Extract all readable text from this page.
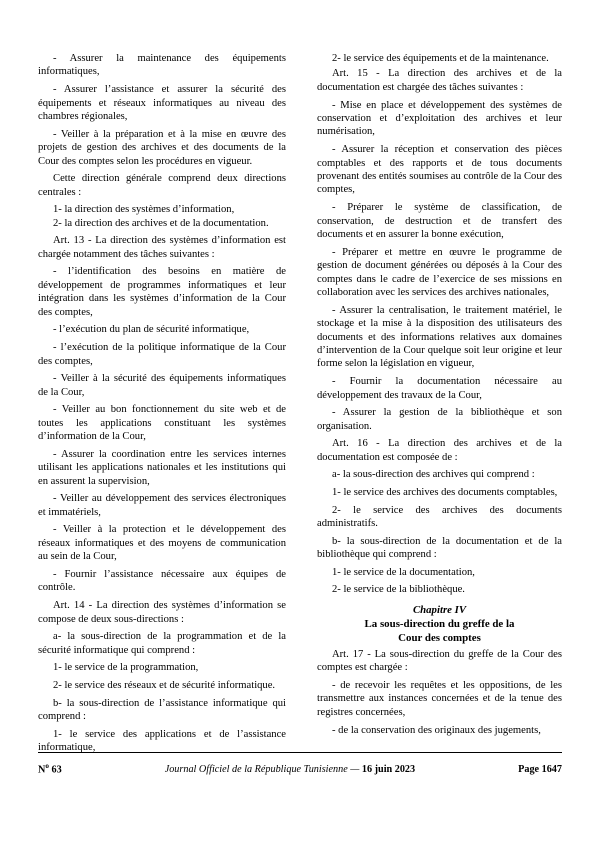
- Assurer la maintenance des équipements informatiques,

- Assurer l’assistance et assurer la sécurité des équipements et réseaux informatiques au niveau des chambres régionales,

- Veiller à la préparation et à la mise en œuvre des projets de gestion des archives et des documents de la Cour des comptes selon les procédures en vigueur.

Cette direction générale comprend deux directions centrales :

1- la direction des systèmes d’information,

2- la direction des archives et de la documentation.

Art. 13 - La direction des systèmes d’information est chargée notamment des tâches suivantes :

- l’identification des besoins en matière de développement de programmes informatiques et leur intégration dans les systèmes d’information de la Cour des comptes,

- l’exécution du plan de sécurité informatique,

- l’exécution de la politique informatique de la Cour des comptes,

- Veiller à la sécurité des équipements informatiques de la Cour,

- Veiller au bon fonctionnement du site web et de toutes les applications constituant les systèmes d’information de la Cour,

- Assurer la coordination entre les services internes utilisant les applications nationales et les institutions qui en assurent la supervision,

- Veiller au développement des services électroniques et immatériels,

- Veiller à la protection et le développement des réseaux informatiques et des moyens de communication au sein de la Cour,

- Fournir l’assistance nécessaire aux équipes de contrôle.

Art. 14 - La direction des systèmes d’information se compose de deux sous-directions :

a- la sous-direction de la programmation et de la sécurité informatique qui comprend :

1- le service de la programmation,

2- le service des réseaux et de sécurité informatique.

b- la sous-direction de l’assistance informatique qui comprend :

1- le service des applications et de l’assistance informatique,

2- le service des équipements et de la maintenance.

Art. 15 - La direction des archives et de la documentation est chargée des tâches suivantes :

- Mise en place et développement des systèmes de conservation et d’exploitation des archives et leur numérisation,

- Assurer la réception et conservation des pièces comptables et des rapports et de tous documents provenant des entités soumises au contrôle de la Cour des comptes,

- Préparer le système de classification, de conservation, de destruction et de transfert des documents et en assurer la bonne exécution,

- Préparer et mettre en œuvre le programme de gestion de document générées ou déposés à la Cour des comptes dans le cadre de l’exercice de ses missions en collaboration avec les services des archives nationales,

- Assurer la centralisation, le traitement matériel, le stockage et la mise à la disposition des utilisateurs des documents et des informations relatives aux domaines d’intervention de la Cour quelque soit leur origine et leur forme selon la législation en vigueur,

- Fournir la documentation nécessaire au développement des travaux de la Cour,

- Assurer la gestion de la bibliothèque et son organisation.

Art. 16 - La direction des archives et de la documentation est composée de :

a- la sous-direction des archives qui comprend :

1- le service des archives des documents comptables,

2- le service des archives des documents administratifs.

b- la sous-direction de la documentation et de la bibliothèque qui comprend :

1- le service de la documentation,

2- le service de la bibliothèque.

Chapitre IV

La sous-direction du greffe de la

Cour des comptes

Art. 17 - La sous-direction du greffe de la Cour des comptes est chargée :

- de recevoir les requêtes et les oppositions, de les transmettre aux instances concernées et de la tenue des registres concernées,

- de la conservation des originaux des jugements,

$N^o$ 63	Journal Officiel de la République Tunisienne — 16 juin 2023	Page 1647
